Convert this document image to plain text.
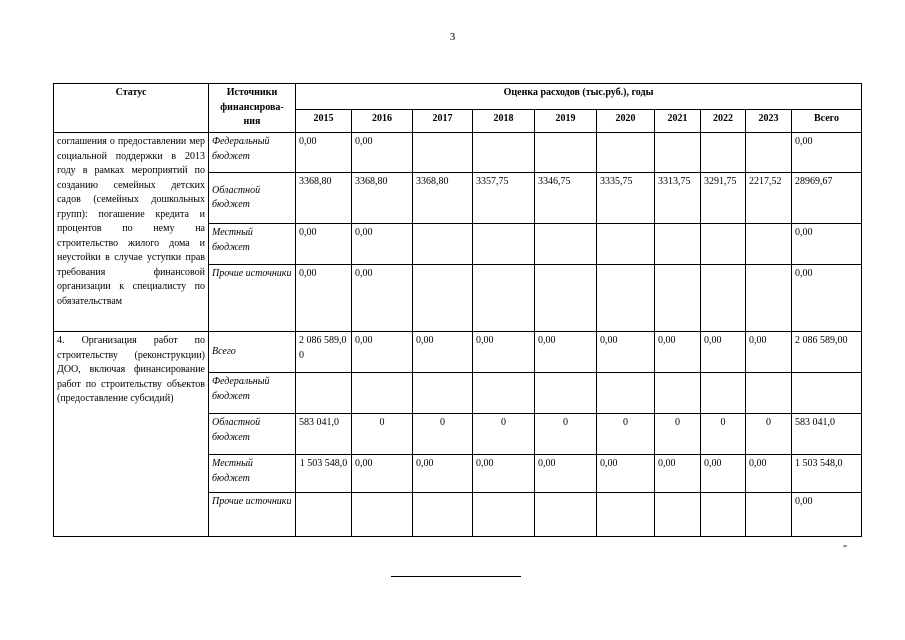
3
Статус	Источники финансирова-ния	Оценка расходов (тыс.руб.), годы									
		2015	2016	2017	2018	2019	2020	2021	2022	2023	Всего
соглашения о предоставлении мер социальной поддержки в 2013 году в рамках мероприятий по созданию семейных детских садов (семейных дошкольных групп): погашение кредита и процентов по нему на строительство жилого дома и неустойки в случае уступки прав требования финансовой организации к специалисту по обязательствам	Федеральный бюджет	0,00	0,00								0,00
	Областной бюджет	3368,80	3368,80	3368,80	3357,75	3346,75	3335,75	3313,75	3291,75	2217,52	28969,67
	Местный бюджет	0,00	0,00								0,00
	Прочие источники	0,00	0,00								0,00
4. Организация работ по строительству (реконструкции) ДОО, включая финансирование работ по строительству объектов (предоставление субсидий)	Всего	2 086 589,00	0,00	0,00	0,00	0,00	0,00	0,00	0,00	0,00	2 086 589,00
	Федеральный бюджет										
	Областной бюджет	583 041,0	0	0	0	0	0	0	0	0	583 041,0
	Местный бюджет	1 503 548,0	0,00	0,00	0,00	0,00	0,00	0,00	0,00	0,00	1 503 548,0
	Прочие источники										0,00
"
